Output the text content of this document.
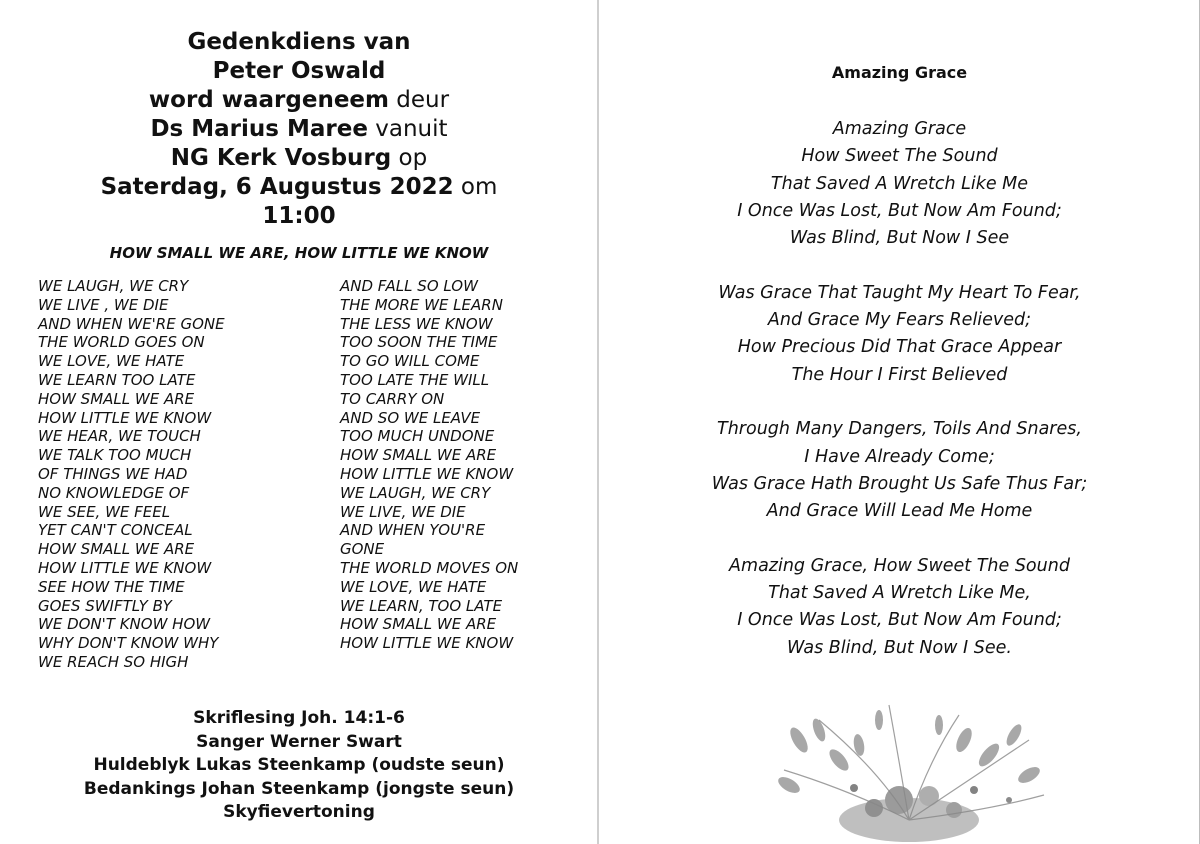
Gedenkdiens van
Peter Oswald
word waargeneem deur
Ds Marius Maree vanuit
NG Kerk Vosburg op
Saterdag, 6 Augustus 2022 om
11:00
HOW SMALL WE ARE, HOW LITTLE WE KNOW
WE LAUGH, WE CRY
WE LIVE , WE DIE
AND WHEN WE'RE GONE
THE WORLD GOES ON
WE LOVE, WE HATE
WE LEARN TOO LATE
HOW SMALL WE ARE
HOW LITTLE WE KNOW
WE HEAR, WE TOUCH
WE TALK TOO MUCH
OF THINGS WE HAD
NO KNOWLEDGE OF
WE SEE, WE FEEL
YET CAN'T CONCEAL
HOW SMALL WE ARE
HOW LITTLE WE KNOW
SEE HOW THE TIME
GOES SWIFTLY BY
WE DON'T KNOW HOW
WHY DON'T KNOW WHY
WE REACH SO HIGH
AND FALL SO LOW
THE MORE WE LEARN
THE LESS WE KNOW
TOO SOON THE TIME
TO GO WILL COME
TOO LATE THE WILL
TO CARRY ON
AND SO WE LEAVE
TOO MUCH UNDONE
HOW SMALL WE ARE
HOW LITTLE WE KNOW
WE LAUGH, WE CRY
WE LIVE, WE DIE
AND WHEN YOU'RE
GONE
THE WORLD MOVES ON
WE LOVE, WE HATE
WE LEARN, TOO LATE
HOW SMALL WE ARE
HOW LITTLE WE KNOW
Skriflesing Joh. 14:1-6
Sanger Werner Swart
Huldeblyk Lukas Steenkamp (oudste seun)
Bedankings Johan Steenkamp (jongste seun)
Skyfievertoning
Amazing Grace
Amazing Grace
How Sweet The Sound
That Saved A Wretch Like Me
I Once Was Lost, But Now Am Found;
Was Blind, But Now I See
Was Grace That Taught My Heart To Fear,
And Grace My Fears Relieved;
How Precious Did That Grace Appear
The Hour I First Believed
Through Many Dangers, Toils And Snares,
I Have Already Come;
Was Grace Hath Brought Us Safe Thus Far;
And Grace Will Lead Me Home
Amazing Grace, How Sweet The Sound
That Saved A Wretch Like Me,
I Once Was Lost, But Now Am Found;
Was Blind, But Now I See.
